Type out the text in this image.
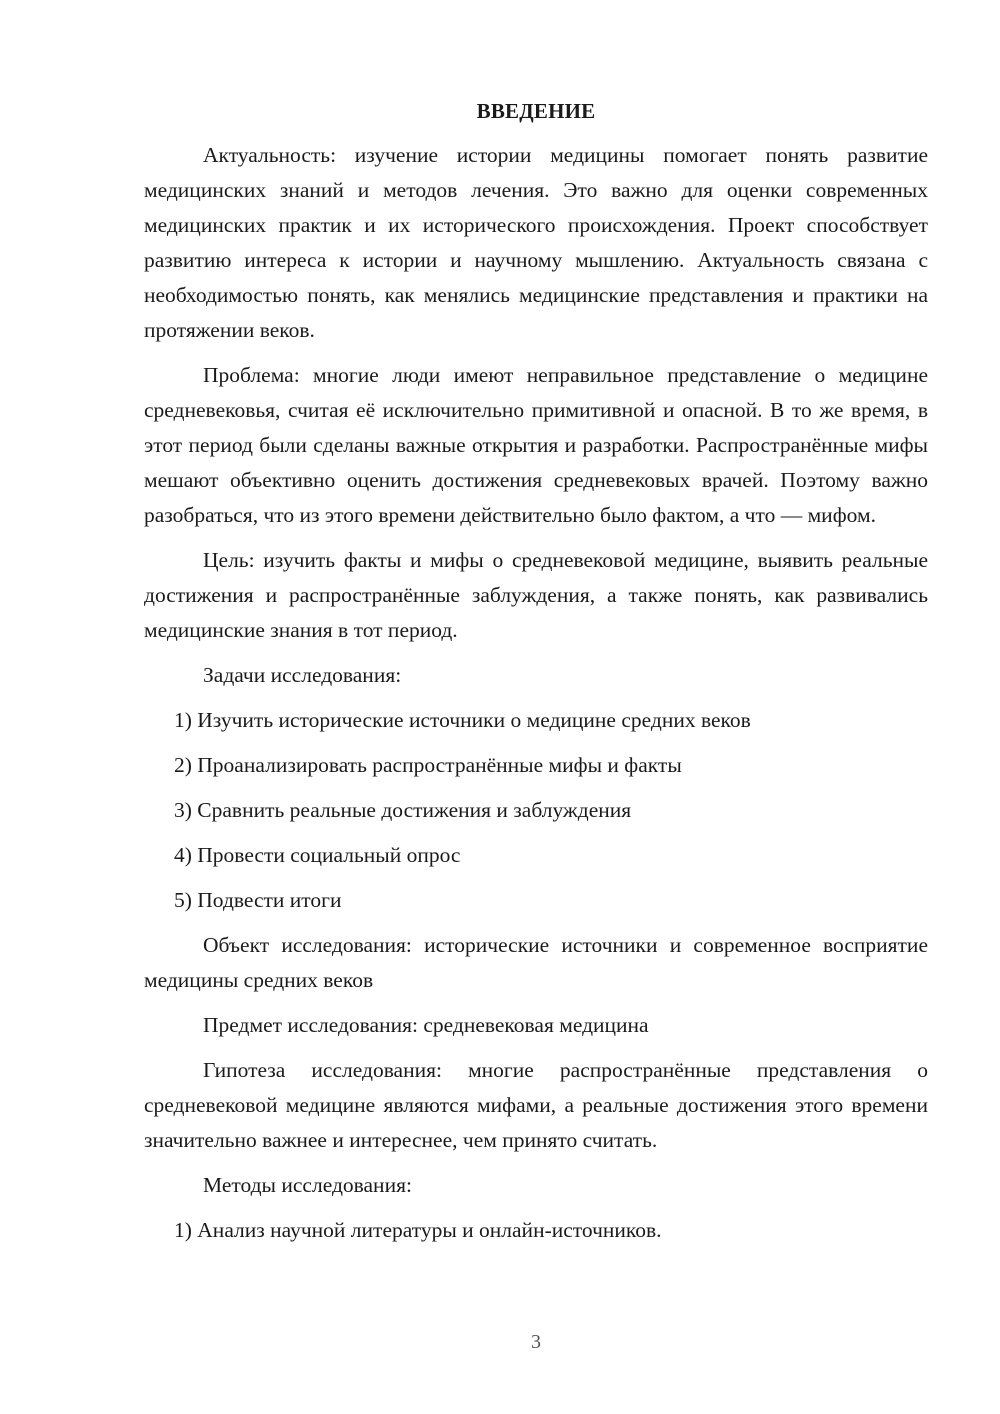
ВВЕДЕНИЕ

Актуальность: изучение истории медицины помогает понять развитие медицинских знаний и методов лечения. Это важно для оценки современных медицинских практик и их исторического происхождения. Проект способствует развитию интереса к истории и научному мышлению. Актуальность связана с необходимостью понять, как менялись медицинские представления и практики на протяжении веков.

Проблема: многие люди имеют неправильное представление о медицине средневековья, считая её исключительно примитивной и опасной. В то же время, в этот период были сделаны важные открытия и разработки. Распространённые мифы мешают объективно оценить достижения средневековых врачей. Поэтому важно разобраться, что из этого времени действительно было фактом, а что — мифом.

Цель: изучить факты и мифы о средневековой медицине, выявить реальные достижения и распространённые заблуждения, а также понять, как развивались медицинские знания в тот период.

Задачи исследования:

1) Изучить исторические источники о медицине средних веков

2) Проанализировать распространённые мифы и факты

3) Сравнить реальные достижения и заблуждения

4) Провести социальный опрос

5) Подвести итоги

Объект исследования: исторические источники и современное восприятие медицины средних веков

Предмет исследования: средневековая медицина

Гипотеза исследования: многие распространённые представления о средневековой медицине являются мифами, а реальные достижения этого времени значительно важнее и интереснее, чем принято считать.

Методы исследования:

1) Анализ научной литературы и онлайн-источников.

3
